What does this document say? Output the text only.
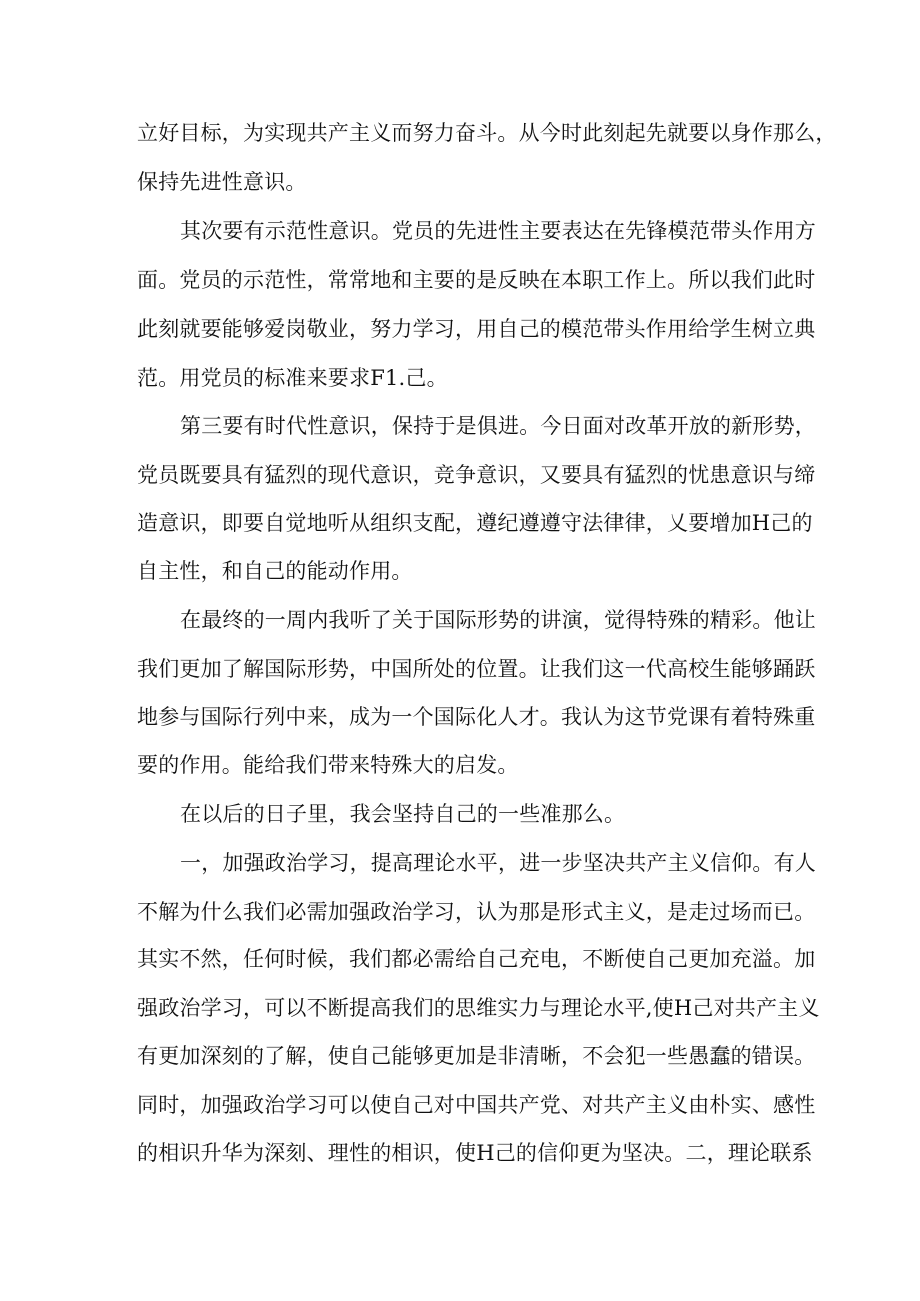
立好目标，为实现共产主义而努力奋斗。从今时此刻起先就要以身作那么，
保持先进性意识。
其次要有示范性意识。党员的先进性主要表达在先锋模范带头作用方
面。党员的示范性，常常地和主要的是反映在本职工作上。所以我们此时
此刻就要能够爱岗敬业，努力学习，用自己的模范带头作用给学生树立典
范。用党员的标准来要求F1.己。
第三要有时代性意识，保持于是俱进。今日面对改革开放的新形势，
党员既要具有猛烈的现代意识，竞争意识，又要具有猛烈的忧患意识与缔
造意识，即要自觉地听从组织支配，遵纪遵遵守法律律，乂要增加H己的
自主性，和自己的能动作用。
在最终的一周内我听了关于国际形势的讲演，觉得特殊的精彩。他让
我们更加了解国际形势，中国所处的位置。让我们这一代高校生能够踊跃
地参与国际行列中来，成为一个国际化人才。我认为这节党课有着特殊重
要的作用。能给我们带来特殊大的启发。
在以后的日子里，我会坚持自己的一些准那么。
一，加强政治学习，提高理论水平，进一步坚决共产主义信仰。有人
不解为什么我们必需加强政治学习，认为那是形式主义，是走过场而已。
其实不然，任何时候，我们都必需给自己充电，不断使自己更加充溢。加
强政治学习，可以不断提高我们的思维实力与理论水平,使H己对共产主义
有更加深刻的了解，使自己能够更加是非清晰，不会犯一些愚蠢的错误。
同时，加强政治学习可以使自己对中国共产党、对共产主义由朴实、感性
的相识升华为深刻、理性的相识，使H己的信仰更为坚决。二，理论联系
